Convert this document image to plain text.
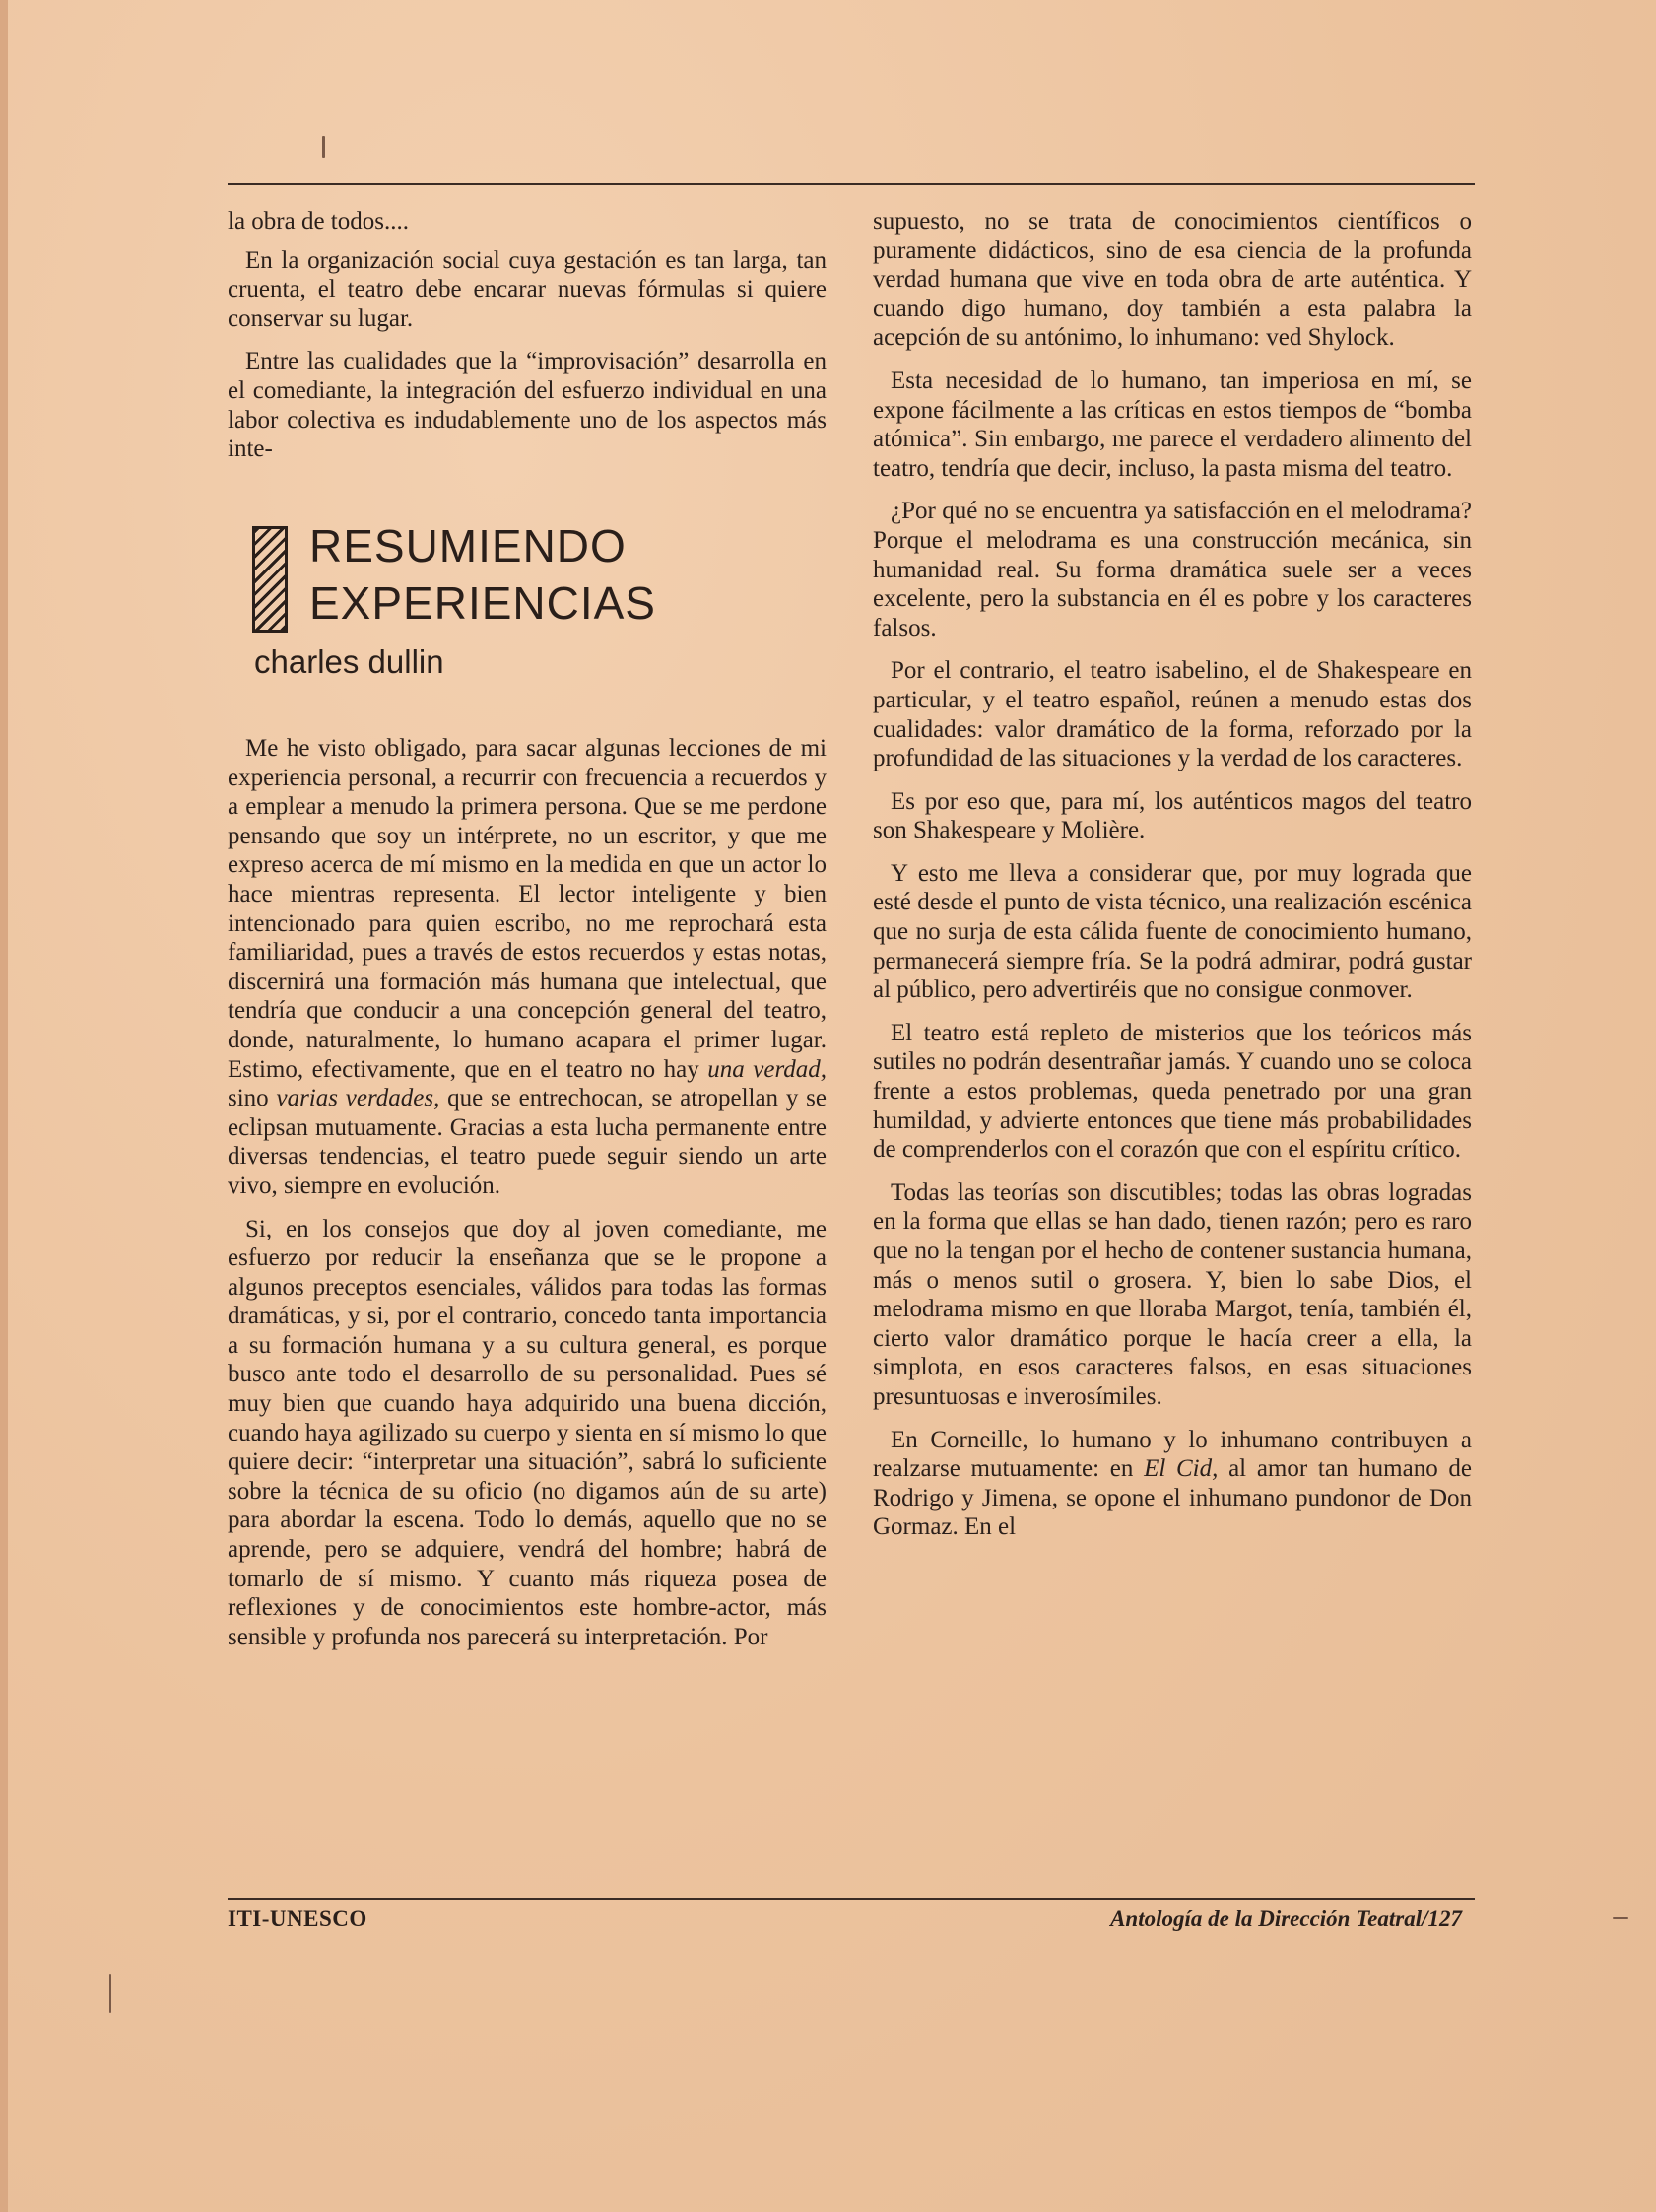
la obra de todos....

En la organización social cuya gestación es tan larga, tan cruenta, el teatro debe encarar nuevas fórmulas si quiere conservar su lugar.

Entre las cualidades que la “improvisación” desarrolla en el comediante, la integración del esfuerzo individual en una labor colectiva es indudablemente uno de los aspectos más inte-

RESUMIENDO
EXPERIENCIAS
charles dullin

Me he visto obligado, para sacar algunas lecciones de mi experiencia personal, a recurrir con frecuencia a recuerdos y a emplear a menudo la primera persona. Que se me perdone pensando que soy un intérprete, no un escritor, y que me expreso acerca de mí mismo en la medida en que un actor lo hace mientras representa. El lector inteligente y bien intencionado para quien escribo, no me reprochará esta familiaridad, pues a través de estos recuerdos y estas notas, discernirá una formación más humana que intelectual, que tendría que conducir a una concepción general del teatro, donde, naturalmente, lo humano acapara el primer lugar. Estimo, efectivamente, que en el teatro no hay una verdad, sino varias verdades, que se entrechocan, se atropellan y se eclipsan mutuamente. Gracias a esta lucha permanente entre diversas tendencias, el teatro puede seguir siendo un arte vivo, siempre en evolución.

Si, en los consejos que doy al joven comediante, me esfuerzo por reducir la enseñanza que se le propone a algunos preceptos esenciales, válidos para todas las formas dramáticas, y si, por el contrario, concedo tanta importancia a su formación humana y a su cultura general, es porque busco ante todo el desarrollo de su personalidad. Pues sé muy bien que cuando haya adquirido una buena dicción, cuando haya agilizado su cuerpo y sienta en sí mismo lo que quiere decir: “interpretar una situación”, sabrá lo suficiente sobre la técnica de su oficio (no digamos aún de su arte) para abordar la escena. Todo lo demás, aquello que no se aprende, pero se adquiere, vendrá del hombre; habrá de tomarlo de sí mismo. Y cuanto más riqueza posea de reflexiones y de conocimientos este hombre-actor, más sensible y profunda nos parecerá su interpretación. Por

supuesto, no se trata de conocimientos científicos o puramente didácticos, sino de esa ciencia de la profunda verdad humana que vive en toda obra de arte auténtica. Y cuando digo humano, doy también a esta palabra la acepción de su antónimo, lo inhumano: ved Shylock.

Esta necesidad de lo humano, tan imperiosa en mí, se expone fácilmente a las críticas en estos tiempos de “bomba atómica”. Sin embargo, me parece el verdadero alimento del teatro, tendría que decir, incluso, la pasta misma del teatro.

¿Por qué no se encuentra ya satisfacción en el melodrama? Porque el melodrama es una construcción mecánica, sin humanidad real. Su forma dramática suele ser a veces excelente, pero la substancia en él es pobre y los caracteres falsos.

Por el contrario, el teatro isabelino, el de Shakespeare en particular, y el teatro español, reúnen a menudo estas dos cualidades: valor dramático de la forma, reforzado por la profundidad de las situaciones y la verdad de los caracteres.

Es por eso que, para mí, los auténticos magos del teatro son Shakespeare y Molière.

Y esto me lleva a considerar que, por muy lograda que esté desde el punto de vista técnico, una realización escénica que no surja de esta cálida fuente de conocimiento humano, permanecerá siempre fría. Se la podrá admirar, podrá gustar al público, pero advertiréis que no consigue conmover.

El teatro está repleto de misterios que los teóricos más sutiles no podrán desentrañar jamás. Y cuando uno se coloca frente a estos problemas, queda penetrado por una gran humildad, y advierte entonces que tiene más probabilidades de comprenderlos con el corazón que con el espíritu crítico.

Todas las teorías son discutibles; todas las obras logradas en la forma que ellas se han dado, tienen razón; pero es raro que no la tengan por el hecho de contener sustancia humana, más o menos sutil o grosera. Y, bien lo sabe Dios, el melodrama mismo en que lloraba Margot, tenía, también él, cierto valor dramático porque le hacía creer a ella, la simplota, en esos caracteres falsos, en esas situaciones presuntuosas e inverosímiles.

En Corneille, lo humano y lo inhumano contribuyen a realzarse mutuamente: en El Cid, al amor tan humano de Rodrigo y Jimena, se opone el inhumano pundonor de Don Gormaz. En el

ITI-UNESCO	Antología de la Dirección Teatral/127
